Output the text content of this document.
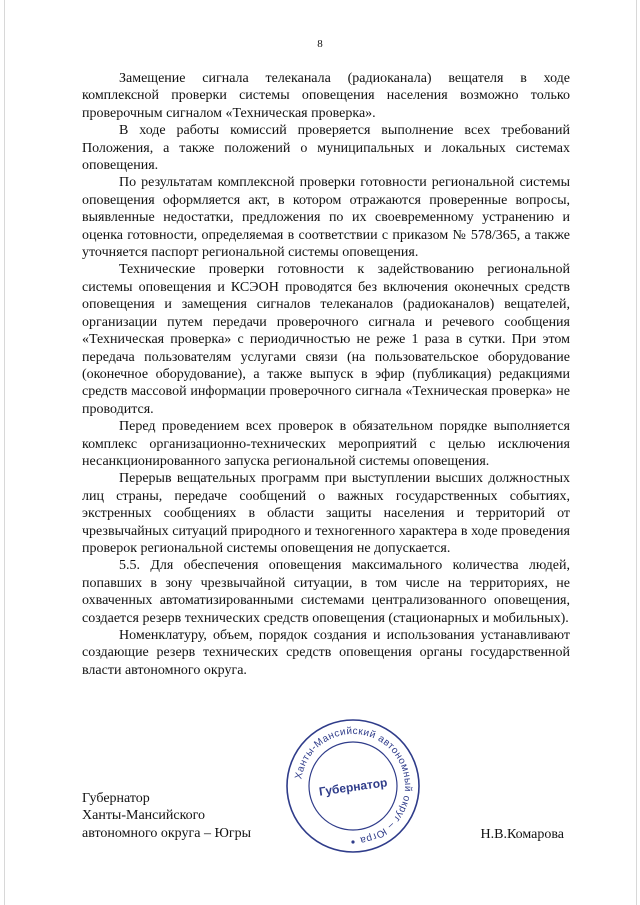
8

Замещение сигнала телеканала (радиоканала) вещателя в ходе комплексной проверки системы оповещения населения возможно только проверочным сигналом «Техническая проверка».

В ходе работы комиссий проверяется выполнение всех требований Положения, а также положений о муниципальных и локальных системах оповещения.

По результатам комплексной проверки готовности региональной системы оповещения оформляется акт, в котором отражаются проверенные вопросы, выявленные недостатки, предложения по их своевременному устранению и оценка готовности, определяемая в соответствии с приказом № 578/365, а также уточняется паспорт региональной системы оповещения.

Технические проверки готовности к задействованию региональной системы оповещения и КСЭОН проводятся без включения оконечных средств оповещения и замещения сигналов телеканалов (радиоканалов) вещателей, организации путем передачи проверочного сигнала и речевого сообщения «Техническая проверка» с периодичностью не реже 1 раза в сутки. При этом передача пользователям услугами связи (на пользовательское оборудование (оконечное оборудование), а также выпуск в эфир (публикация) редакциями средств массовой информации проверочного сигнала «Техническая проверка» не проводится.

Перед проведением всех проверок в обязательном порядке выполняется комплекс организационно-технических мероприятий с целью исключения несанкционированного запуска региональной системы оповещения.

Перерыв вещательных программ при выступлении высших должностных лиц страны, передаче сообщений о важных государственных событиях, экстренных сообщениях в области защиты населения и территорий от чрезвычайных ситуаций природного и техногенного характера в ходе проведения проверок региональной системы оповещения не допускается.

5.5. Для обеспечения оповещения максимального количества людей, попавших в зону чрезвычайной ситуации, в том числе на территориях, не охваченных автоматизированными системами централизованного оповещения, создается резерв технических средств оповещения (стационарных и мобильных).

Номенклатуру, объем, порядок создания и использования устанавливают создающие резерв технических средств оповещения органы государственной власти автономного округа.

Губернатор
Ханты-Мансийского
автономного округа – Югры	Н.В.Комарова
Ханты-Мансийский автономный округ – Югра
Губернатор
